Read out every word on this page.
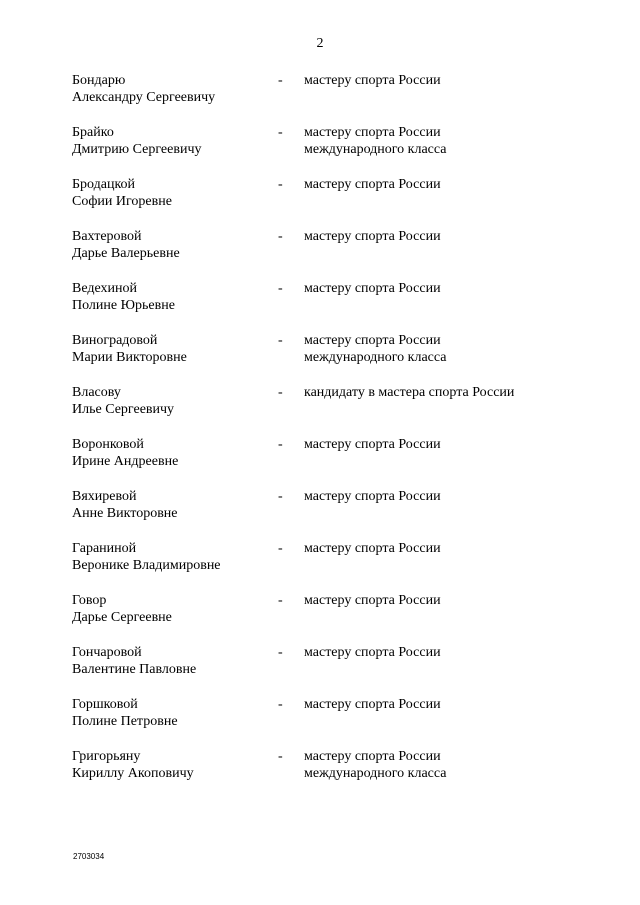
2
Бондарю
Александру Сергеевичу
- мастеру спорта России
Брайко
Дмитрию Сергеевичу
- мастеру спорта России
международного класса
Бродацкой
Софии Игоревне
- мастеру спорта России
Вахтеровой
Дарье Валерьевне
- мастеру спорта России
Ведехиной
Полине Юрьевне
- мастеру спорта России
Виноградовой
Марии Викторовне
- мастеру спорта России
международного класса
Власову
Илье Сергеевичу
- кандидату в мастера спорта России
Воронковой
Ирине Андреевне
- мастеру спорта России
Вяхиревой
Анне Викторовне
- мастеру спорта России
Гараниной
Веронике Владимировне
- мастеру спорта России
Говор
Дарье Сергеевне
- мастеру спорта России
Гончаровой
Валентине Павловне
- мастеру спорта России
Горшковой
Полине Петровне
- мастеру спорта России
Григорьяну
Кириллу Акоповичу
- мастеру спорта России
международного класса
2703034
